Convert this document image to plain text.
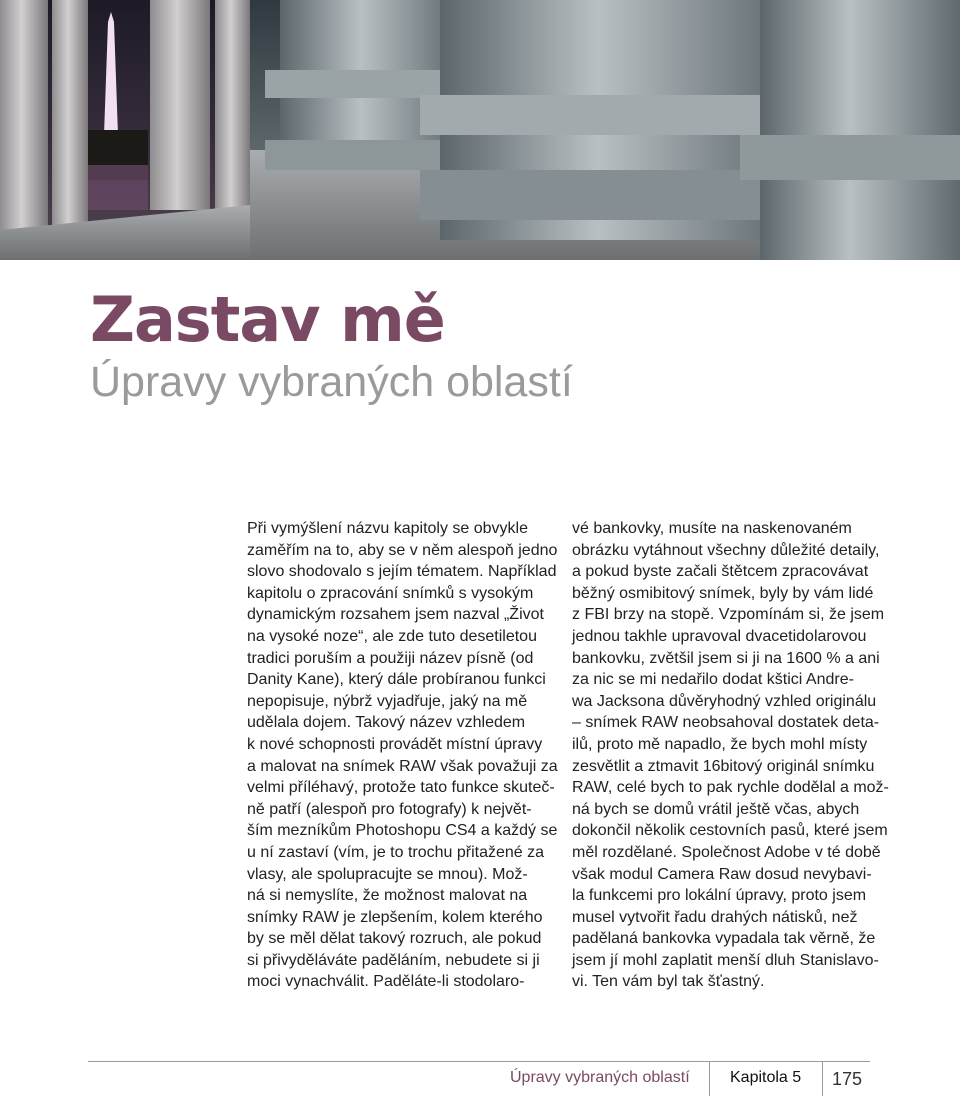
Zastav mě
Úpravy vybraných oblastí
Při vymýšlení názvu kapitoly se obvykle
zaměřím na to, aby se v něm alespoň jedno
slovo shodovalo s jejím tématem. Například
kapitolu o zpracování snímků s vysokým
dynamickým rozsahem jsem nazval „Život
na vysoké noze“, ale zde tuto desetiletou
tradici poruším a použiji název písně (od
Danity Kane), který dále probíranou funkci
nepopisuje, nýbrž vyjadřuje, jaký na mě
udělala dojem. Takový název vzhledem
k nové schopnosti provádět místní úpravy
a malovat na snímek RAW však považuji za
velmi příléhavý, protože tato funkce skuteč-
ně patří (alespoň pro fotografy) k největ-
ším mezníkům Photoshopu CS4 a každý se
u ní zastaví (vím, je to trochu přitažené za
vlasy, ale spolupracujte se mnou). Mož-
ná si nemyslíte, že možnost malovat na
snímky RAW je zlepšením, kolem kterého
by se měl dělat takový rozruch, ale pokud
si přivyděláváte paděláním, nebudete si ji
moci vynachválit. Paděláte-li stodolaro-
vé bankovky, musíte na naskenovaném
obrázku vytáhnout všechny důležité detaily,
a pokud byste začali štětcem zpracovávat
běžný osmibitový snímek, byly by vám lidé
z FBI brzy na stopě. Vzpomínám si, že jsem
jednou takhle upravoval dvacetidolarovou
bankovku, zvětšil jsem si ji na 1600 % a ani
za nic se mi nedařilo dodat kštici Andre-
wa Jacksona důvěryhodný vzhled originálu
– snímek RAW neobsahoval dostatek deta-
ilů, proto mě napadlo, že bych mohl místy
zesvětlit a ztmavit 16bitový originál snímku
RAW, celé bych to pak rychle dodělal a mož-
ná bych se domů vrátil ještě včas, abych
dokončil několik cestovních pasů, které jsem
měl rozdělané. Společnost Adobe v té době
však modul Camera Raw dosud nevybavi-
la funkcemi pro lokální úpravy, proto jsem
musel vytvořit řadu drahých nátisků, než
padělaná bankovka vypadala tak věrně, že
jsem jí mohl zaplatit menší dluh Stanislavo-
vi. Ten vám byl tak šťastný.
Úpravy vybraných oblastí	Kapitola 5	175
